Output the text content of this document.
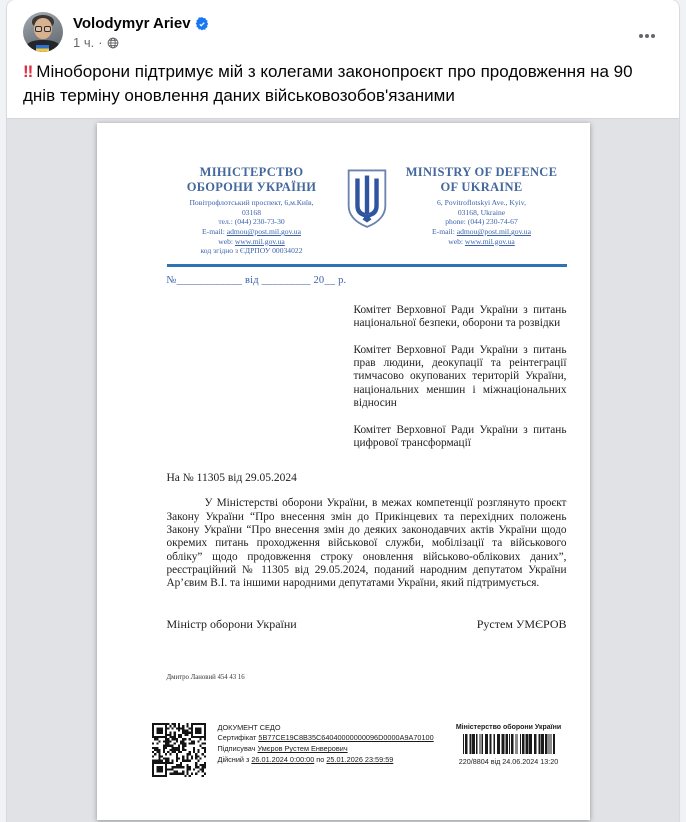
Volodymyr Ariev
1 ч. ·
‼ Міноборони підтримує мій з колегами законопроєкт про продовження на 90 днів терміну оновлення даних військовозобов'язаними
МІНІСТЕРСТВО ОБОРОНИ УКРАЇНИ
Повітрофлотський проспект, 6,м.Київ,
03168
тел.: (044) 230-73-30
E-mail: admou@post.mil.gov.ua
web: www.mil.gov.ua
код згідно з ЄДРПОУ 00034022
MINISTRY OF DEFENCE OF UKRAINE
6, Povitroflotskyi Ave., Kyiv,
03168, Ukraine
phone: (044) 230-74-67
E-mail: admou@post.mil.gov.ua
web: www.mil.gov.ua
№____________ від _________ 20__ р.

Комітет Верховної Ради України з питань національної безпеки, оборони та розвідки

Комітет Верховної Ради України з питань прав людини, деокупації та реінтеграції тимчасово окупованих територій України, національних меншин і міжнаціональних відносин

Комітет Верховної Ради України з питань цифрової трансформації

На № 11305 від 29.05.2024

У Міністерстві оборони України, в межах компетенції розглянуто проєкт Закону України “Про внесення змін до Прикінцевих та перехідних положень Закону України “Про внесення змін до деяких законодавчих актів України щодо окремих питань проходження військової служби, мобілізації та військового обліку” щодо продовження строку оновлення військово-облікових даних”, реєстраційний № 11305 від 29.05.2024, поданий народним депутатом України Ар’євим В.І. та іншими народними депутатами України, який підтримується.

Міністр оборони України	Рустем УМЄРОВ
Дмитро Лановий 454 43 16
ДОКУМЕНТ СЕДО
Сертифікат 5B77CE19C8B35C64040000000096D0000A9A70100
Підписувач Умєров Рустем Енверович
Дійсний з 26.01.2024 0:00:00 по 25.01.2026 23:59:59
Міністерство оборони України
220/8804 від 24.06.2024 13:20
